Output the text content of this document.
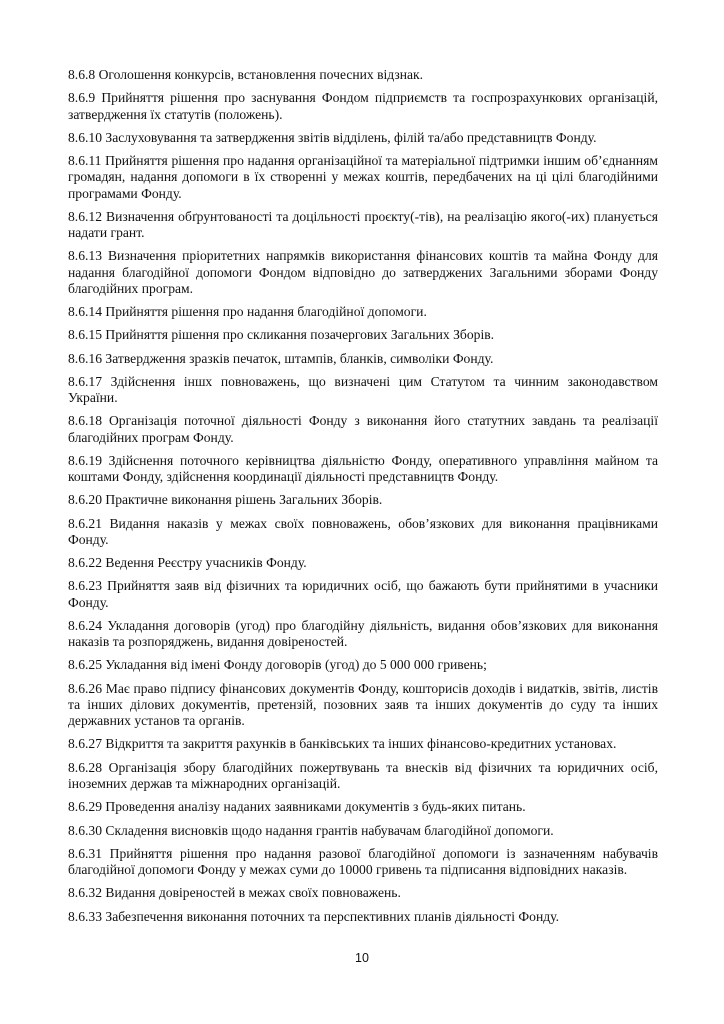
8.6.8 Оголошення конкурсів, встановлення почесних відзнак.

8.6.9 Прийняття рішення про заснування Фондом підприємств та госпрозрахункових організацій, затвердження їх статутів (положень).

8.6.10 Заслуховування та затвердження звітів відділень, філій та/або представництв Фонду.

8.6.11 Прийняття рішення про надання організаційної та матеріальної підтримки іншим об’єднанням громадян, надання допомоги в їх створенні у межах коштів, передбачених на ці цілі благодійними програмами Фонду.

8.6.12 Визначення обґрунтованості та доцільності проєкту(-тів), на реалізацію якого(-их) планується надати грант.

8.6.13 Визначення пріоритетних напрямків використання фінансових коштів та майна Фонду для надання благодійної допомоги Фондом відповідно до затверджених Загальними зборами Фонду благодійних програм.

8.6.14 Прийняття рішення про надання благодійної допомоги.

8.6.15 Прийняття рішення про скликання позачергових Загальних Зборів.

8.6.16 Затвердження зразків печаток, штампів, бланків, символіки Фонду.

8.6.17 Здійснення іншх повноважень, що визначені цим Статутом та чинним законодавством України.

8.6.18 Організація поточної діяльності Фонду з виконання його статутних завдань та реалізації благодійних програм Фонду.

8.6.19 Здійснення поточного керівництва діяльністю Фонду, оперативного управління майном та коштами Фонду, здійснення координації діяльності представництв Фонду.

8.6.20 Практичне виконання рішень Загальних Зборів.

8.6.21 Видання наказів у межах своїх повноважень, обов’язкових для виконання працівниками Фонду.

8.6.22 Ведення Реєстру учасників Фонду.

8.6.23 Прийняття заяв від фізичних та юридичних осіб, що бажають бути прийнятими в учасники Фонду.

8.6.24 Укладання договорів (угод) про благодійну діяльність, видання обов’язкових для виконання наказів та розпоряджень, видання довіреностей.

8.6.25 Укладання від імені Фонду договорів (угод) до 5 000 000 гривень;

8.6.26 Має право підпису фінансових документів Фонду, кошторисів доходів і видатків, звітів, листів та інших ділових документів, претензій, позовних заяв та інших документів до суду та інших державних установ та органів.

8.6.27 Відкриття та закриття рахунків в банківських та інших фінансово-кредитних установах.

8.6.28 Організація збору благодійних пожертвувань та внесків від фізичних та юридичних осіб, іноземних держав та міжнародних організацій.

8.6.29 Проведення аналізу наданих заявниками документів з будь-яких питань.

8.6.30 Складення висновків щодо надання грантів набувачам благодійної допомоги.

8.6.31 Прийняття рішення про надання разової благодійної допомоги із зазначенням набувачів благодійної допомоги Фонду у межах суми до 10000 гривень та підписання відповідних наказів.

8.6.32 Видання довіреностей в межах своїх повноважень.

8.6.33 Забезпечення виконання поточних та перспективних планів діяльності Фонду.

10
